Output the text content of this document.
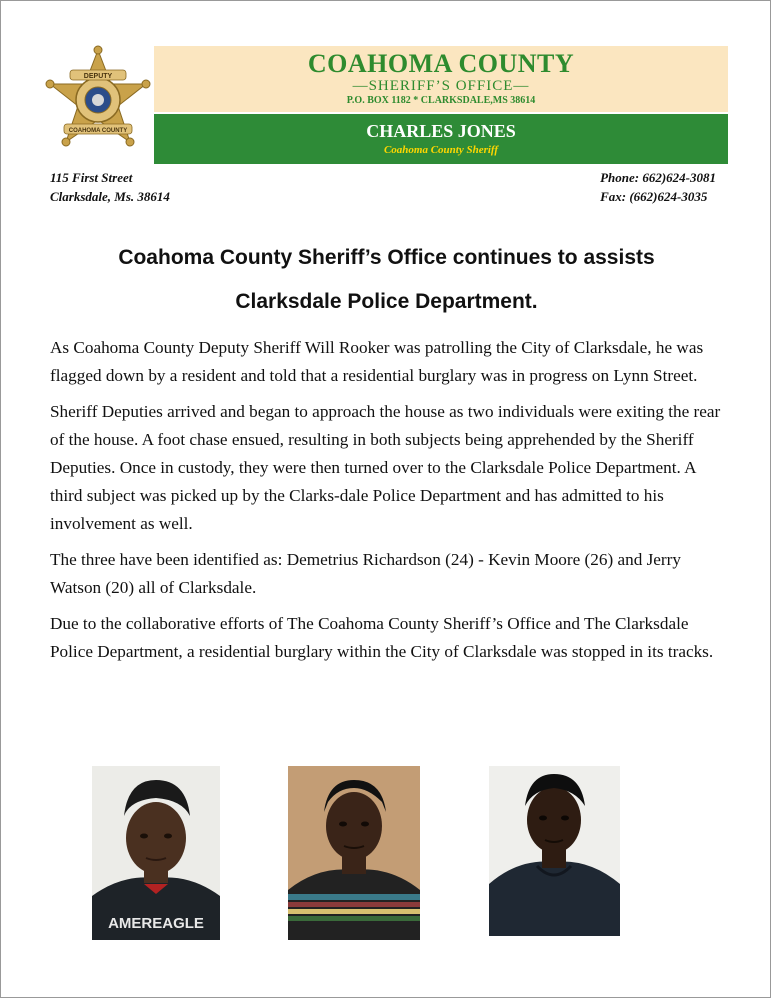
DEPUTY
COAHOMA COUNTY
COAHOMA COUNTY
—SHERIFF’S OFFICE—
P.O. BOX 1182 * CLARKSDALE,MS 38614
CHARLES JONES
Coahoma County Sheriff
115 First Street
Clarksdale, Ms. 38614
Phone: 662)624-3081
Fax: (662)624-3035
Coahoma County Sheriff’s Office continues to assists
Clarksdale Police Department.

As Coahoma County Deputy Sheriff Will Rooker was patrolling the City of Clarksdale, he was flagged down by a resident and told that a residential burglary was in progress on Lynn Street.

Sheriff Deputies arrived and began to approach the house as two individuals were exiting the rear of the house. A foot chase ensued, resulting in both subjects being apprehended by the Sheriff Deputies. Once in custody, they were then turned over to the Clarksdale Police Department. A third subject was picked up by the Clarks-dale Police Department and has admitted to his involvement as well.

The three have been identified as: Demetrius Richardson (24) - Kevin Moore (26) and Jerry Watson (20) all of Clarksdale.

Due to the collaborative efforts of The Coahoma County Sheriff’s Office and The Clarksdale Police Department, a residential burglary within the City of Clarksdale was stopped in its tracks.

AMEREAGLE
